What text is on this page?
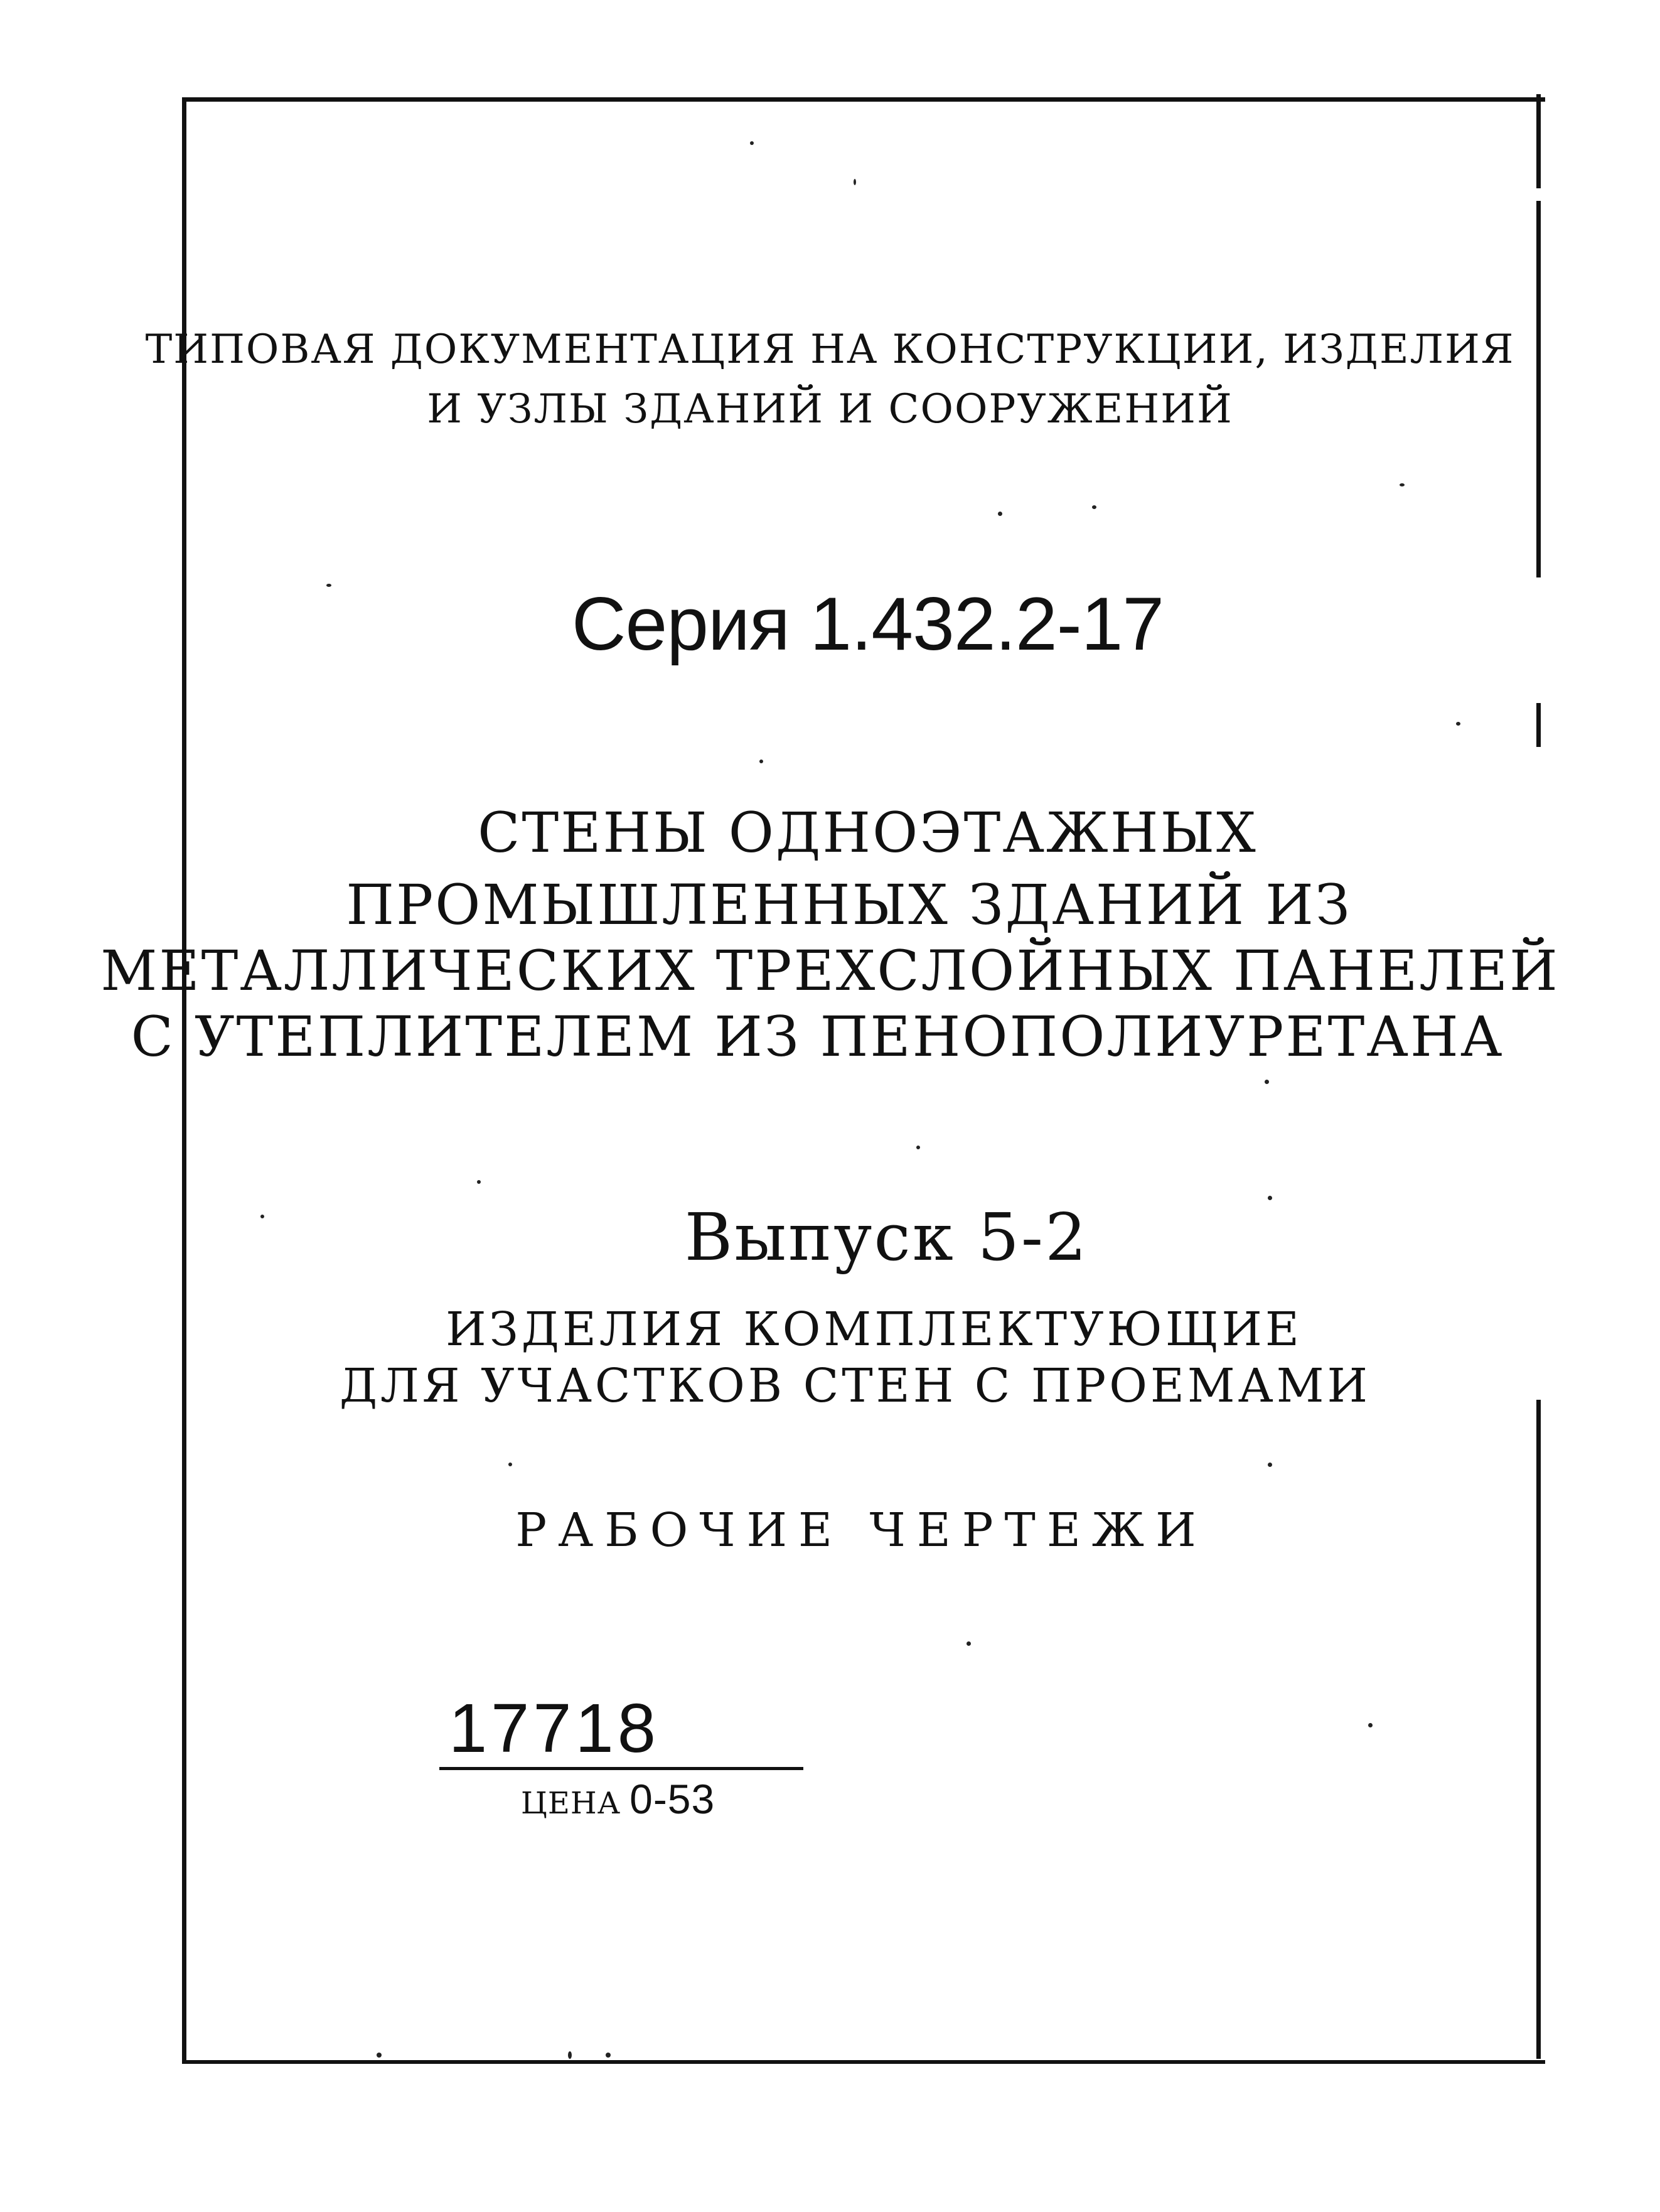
ТИПОВАЯ ДОКУМЕНТАЦИЯ НА КОНСТРУКЦИИ, ИЗДЕЛИЯ
И УЗЛЫ ЗДАНИЙ И СООРУЖЕНИЙ
Серия 1.432.2-17
СТЕНЫ ОДНОЭТАЖНЫХ
ПРОМЫШЛЕННЫХ ЗДАНИЙ ИЗ
МЕТАЛЛИЧЕСКИХ ТРЕХСЛОЙНЫХ ПАНЕЛЕЙ
С УТЕПЛИТЕЛЕМ ИЗ ПЕНОПОЛИУРЕТАНА
Выпуск 5-2
ИЗДЕЛИЯ КОМПЛЕКТУЮЩИЕ
ДЛЯ УЧАСТКОВ СТЕН С ПРОЕМАМИ
РАБОЧИЕ ЧЕРТЕЖИ
17718
ЦЕНА 0-53
